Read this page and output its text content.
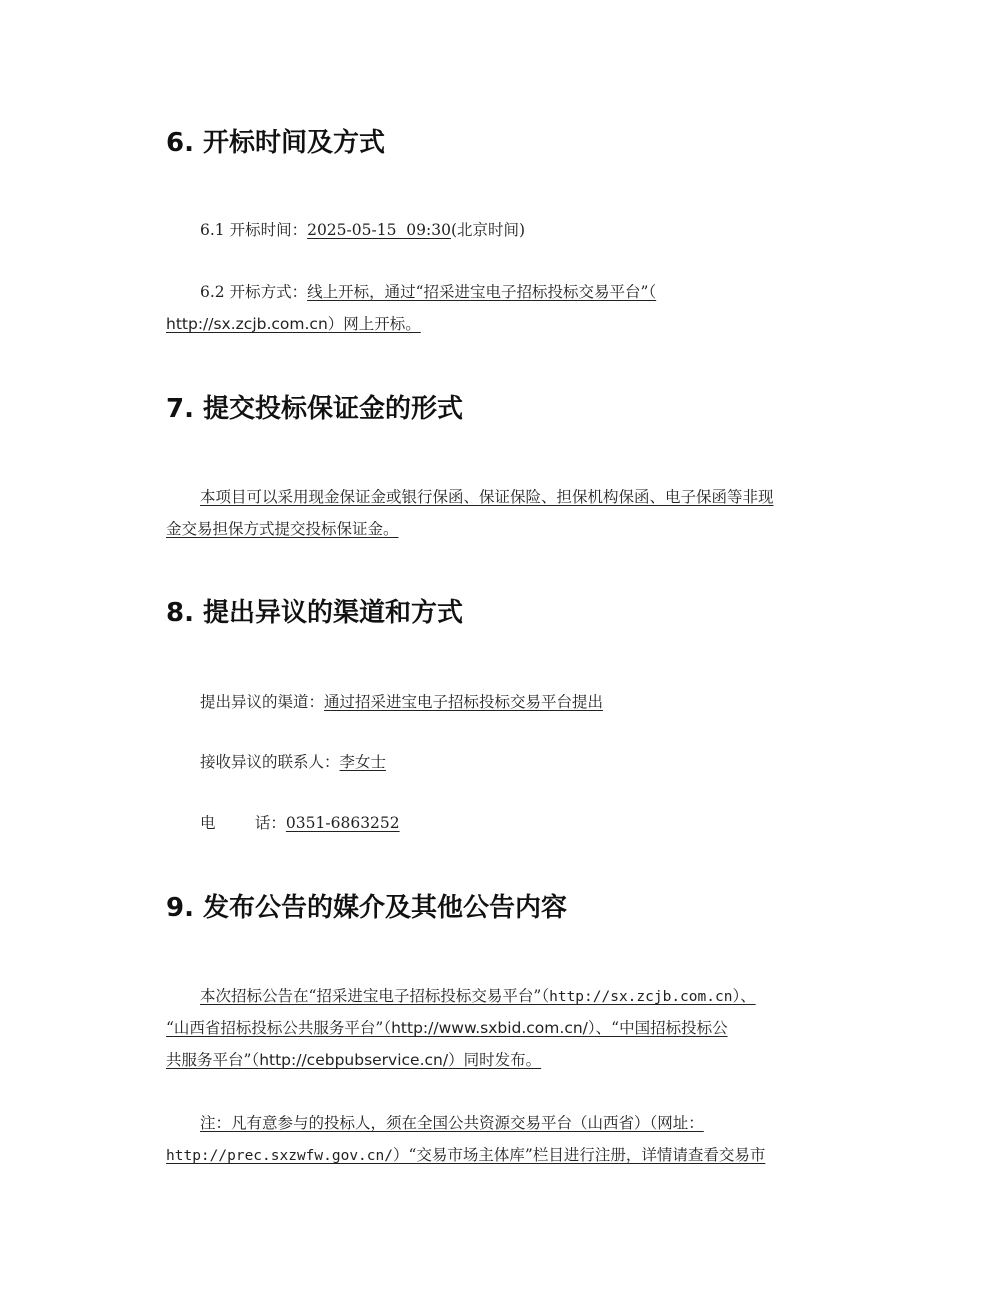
6. 开标时间及方式
6.1 开标时间：2025-05-15  09:30(北京时间)
6.2 开标方式：线上开标，通过“招采进宝电子招标投标交易平台”（
http://sx.zcjb.com.cn）网上开标。
7. 提交投标保证金的形式
本项目可以采用现金保证金或银行保函、保证保险、担保机构保函、电子保函等非现
金交易担保方式提交投标保证金。
8. 提出异议的渠道和方式
提出异议的渠道：通过招采进宝电子招标投标交易平台提出
接收异议的联系人：李女士
电        话：0351-6863252
9. 发布公告的媒介及其他公告内容
本次招标公告在“招采进宝电子招标投标交易平台”（http://sx.zcjb.com.cn）、
“山西省招标投标公共服务平台”（http://www.sxbid.com.cn/）、“中国招标投标公
共服务平台”（http://cebpubservice.cn/）同时发布。
注：凡有意参与的投标人，须在全国公共资源交易平台（山西省）（网址：
http://prec.sxzwfw.gov.cn/）“交易市场主体库”栏目进行注册，详情请查看交易市
